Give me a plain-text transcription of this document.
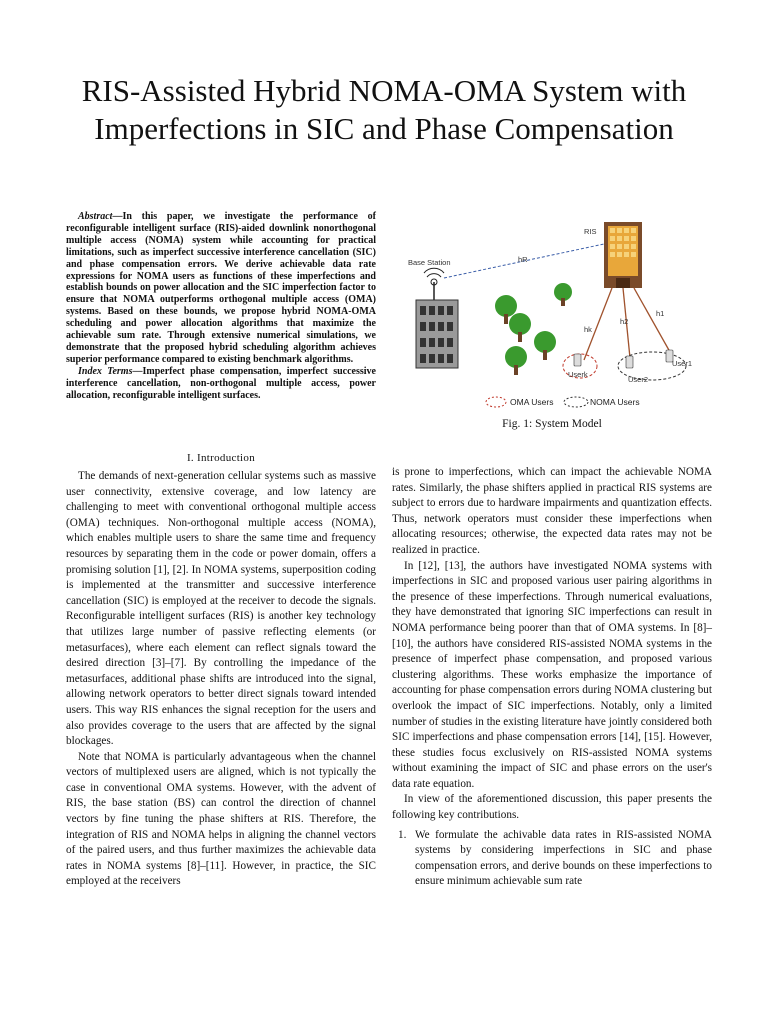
RIS-Assisted Hybrid NOMA-OMA System with Imperfections in SIC and Phase Compensation

Abstract—In this paper, we investigate the performance of reconfigurable intelligent surface (RIS)-aided downlink nonorthogonal multiple access (NOMA) system while accounting for practical limitations, such as imperfect successive interference cancellation (SIC) and phase compensation errors. We derive achievable data rate expressions for NOMA users as functions of these imperfections and establish bounds on power allocation and the SIC imperfection factor to ensure that NOMA outperforms orthogonal multiple access (OMA) systems. Based on these bounds, we propose hybrid NOMA-OMA scheduling and power allocation algorithms that maximize the achievable sum rate. Through extensive numerical simulations, we demonstrate that the proposed hybrid scheduling algorithm achieves superior performance compared to existing benchmark algorithms.

Index Terms—Imperfect phase compensation, imperfect successive interference cancellation, non-orthogonal multiple access, power allocation, reconfigurable intelligent surfaces.

RIS
Base Station	hR
hk
h2
h1
Userk
User2
User1
OMA Users	NOMA Users
Fig. 1: System Model
I. Introduction

The demands of next-generation cellular systems such as massive user connectivity, extensive coverage, and low latency are challenging to meet with conventional orthogonal multiple access (OMA) techniques. Non-orthogonal multiple access (NOMA), which enables multiple users to share the same time and frequency resources by separating them in the code or power domain, offers a promising solution [1], [2]. In NOMA systems, superposition coding is implemented at the transmitter and successive interference cancellation (SIC) is employed at the receiver to decode the signals. Reconfigurable intelligent surfaces (RIS) is another key technology that utilizes large number of passive reflecting elements (or metasurfaces), where each element can reflect signals toward the desired direction [3]–[7]. By controlling the impedance of the metasurfaces, additional phase shifts are introduced into the signal, allowing network operators to better direct signals toward intended users. This way RIS enhances the signal reception for the users and also provides coverage to the users that are affected by the signal blockages.

Note that NOMA is particularly advantageous when the channel vectors of multiplexed users are aligned, which is not typically the case in conventional OMA systems. However, with the advent of RIS, the base station (BS) can control the direction of channel vectors by fine tuning the phase shifters at RIS. Therefore, the integration of RIS and NOMA helps in aligning the channel vectors of the paired users, and thus further maximizes the achievable data rates in NOMA systems [8]–[11]. However, in practice, the SIC employed at the receivers

is prone to imperfections, which can impact the achievable NOMA rates. Similarly, the phase shifters applied in practical RIS systems are subject to errors due to hardware impairments and quantization effects. Thus, network operators must consider these imperfections when allocating resources; otherwise, the expected data rates may not be realized in practice.

In [12], [13], the authors have investigated NOMA systems with imperfections in SIC and proposed various user pairing algorithms in the presence of these imperfections. Through numerical evaluations, they have demonstrated that ignoring SIC imperfections can result in NOMA performance being poorer than that of OMA systems. In [8]–[10], the authors have considered RIS-assisted NOMA systems in the presence of imperfect phase compensation, and proposed various clustering algorithms. These works emphasize the importance of accounting for phase compensation errors during NOMA clustering but overlook the impact of SIC imperfections. Notably, only a limited number of studies in the existing literature have jointly considered both SIC imperfections and phase compensation errors [14], [15]. However, these studies focus exclusively on RIS-assisted NOMA systems without examining the impact of SIC and phase errors on the user's data rate equation.

In view of the aforementioned discussion, this paper presents the following key contributions.

1. We formulate the achivable data rates in RIS-assisted NOMA systems by considering imperfections in SIC and phase compensation errors, and derive bounds on these imperfections to ensure minimum achievable sum rate
